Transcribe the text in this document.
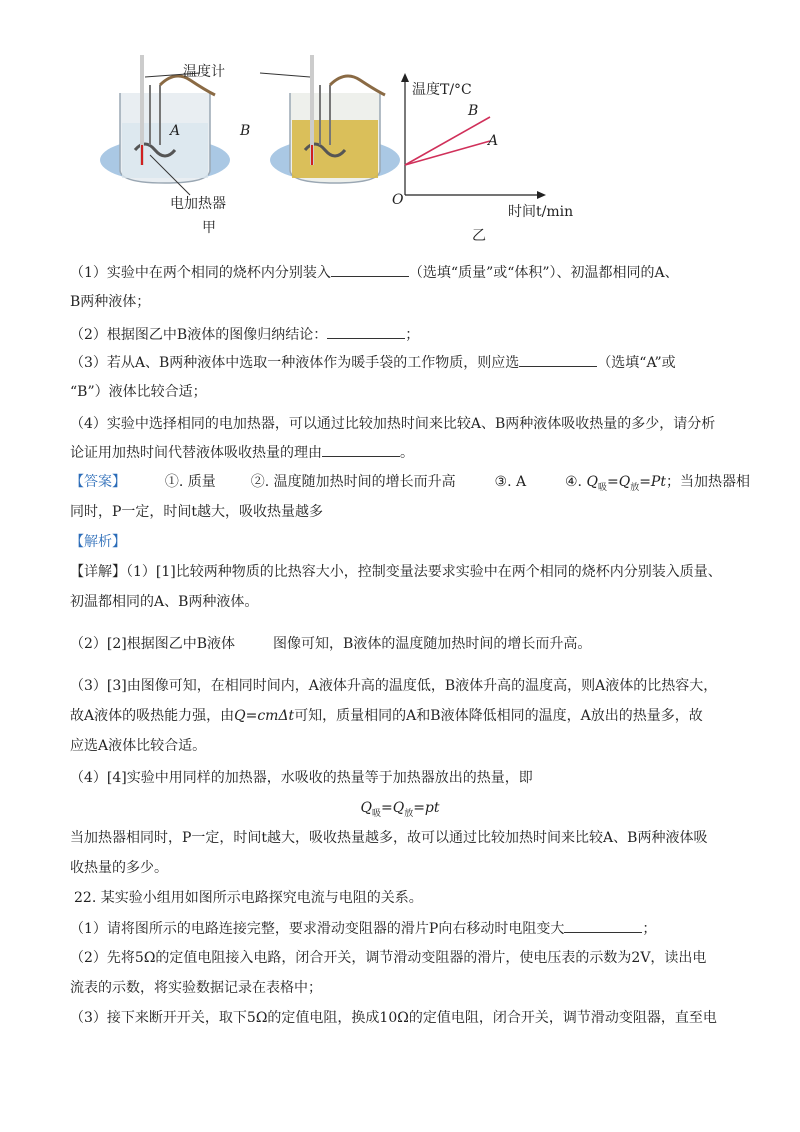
温度计
A	B
电加热器
甲
温度T/°C
O
时间t/min
B
A
乙
（1）实验中在两个相同的烧杯内分别装入	（选填“质量”或“体积”）、初温都相同的A、
B两种液体；
（2）根据图乙中B液体的图像归纳结论：	；
（3）若从A、B两种液体中选取一种液体作为暖手袋的工作物质，则应选	（选填“A”或
“B”）液体比较合适；
（4）实验中选择相同的电加热器，可以通过比较加热时间来比较A、B两种液体吸收热量的多少，请分析
论证用加热时间代替液体吸收热量的理由	。
【答案】	①. 质量 ②. 温度随加热时间的增长而升高	③. A	④. $Q_吸=Q_放=Pt$；当加热器相
同时，P一定，时间t越大，吸收热量越多
【解析】
【详解】（1）[1]比较两种物质的比热容大小，控制变量法要求实验中在两个相同的烧杯内分别装入质量、
初温都相同的A、B两种液体。
（2）[2]根据图乙中B液体	图像可知，B液体的温度随加热时间的增长而升高。
（3）[3]由图像可知，在相同时间内，A液体升高的温度低，B液体升高的温度高，则A液体的比热容大，
故A液体的吸热能力强，由Q=cmΔt可知，质量相同的A和B液体降低相同的温度，A放出的热量多，故
应选A液体比较合适。
（4）[4]实验中用同样的加热器，水吸收的热量等于加热器放出的热量，即
$Q_吸=Q_放=pt$
当加热器相同时，P一定，时间t越大，吸收热量越多，故可以通过比较加热时间来比较A、B两种液体吸
收热量的多少。
22. 某实验小组用如图所示电路探究电流与电阻的关系。
（1）请将图所示的电路连接完整，要求滑动变阻器的滑片P向右移动时电阻变大	；
（2）先将5Ω的定值电阻接入电路，闭合开关，调节滑动变阻器的滑片，使电压表的示数为2V，读出电
流表的示数，将实验数据记录在表格中；
（3）接下来断开开关，取下5Ω的定值电阻，换成10Ω的定值电阻，闭合开关，调节滑动变阻器，直至电
